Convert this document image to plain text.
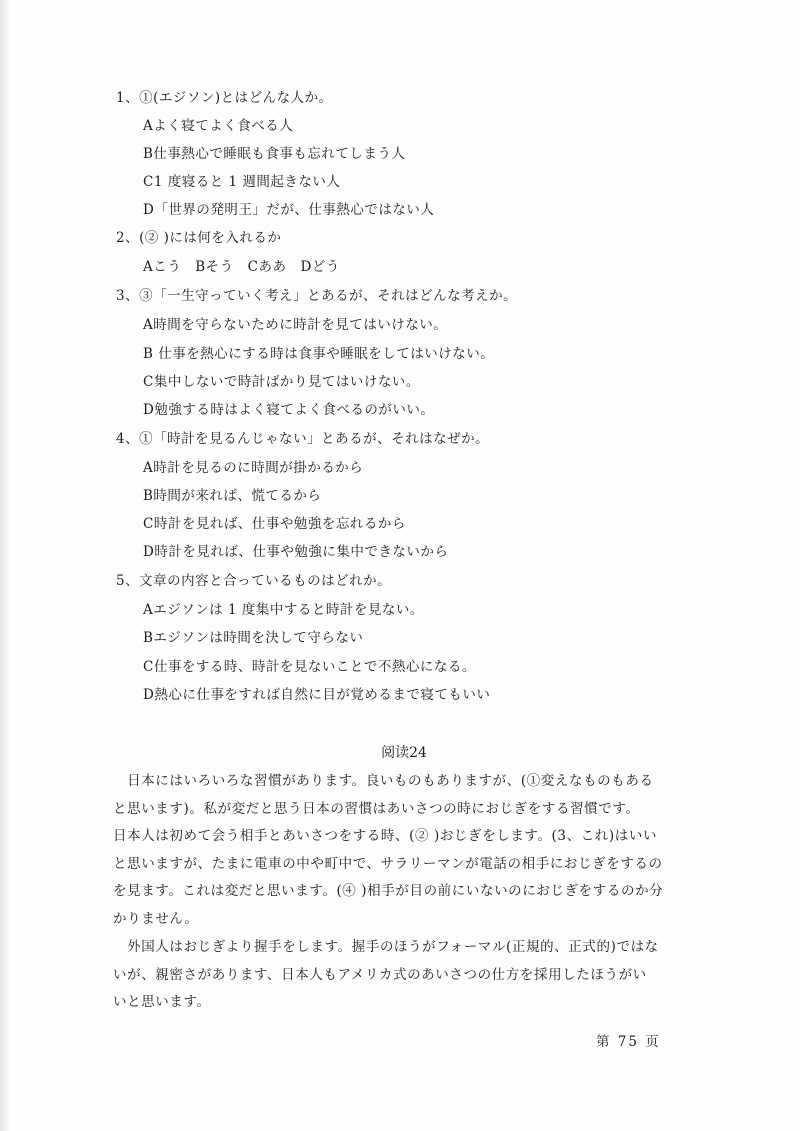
1、①(エジソン)とはどんな人か。
Aよく寝てよく食べる人
B仕事熱心で睡眠も食事も忘れてしまう人
C1 度寝ると 1 週間起きない人
D「世界の発明王」だが、仕事熱心ではない人
2、(② )には何を入れるか
Aこう　Bそう　Cああ　Dどう
3、③「一生守っていく考え」とあるが、それはどんな考えか。
A時間を守らないために時計を見てはいけない。
B 仕事を熱心にする時は食事や睡眠をしてはいけない。
C集中しないで時計ばかり見てはいけない。
D勉強する時はよく寝てよく食べるのがいい。
4、①「時計を見るんじゃない」とあるが、それはなぜか。
A時計を見るのに時間が掛かるから
B時間が来れば、慌てるから
C時計を見れば、仕事や勉強を忘れるから
D時計を見れば、仕事や勉強に集中できないから
5、文章の内容と合っているものはどれか。
Aエジソンは 1 度集中すると時計を見ない。
Bエジソンは時間を決して守らない
C仕事をする時、時計を見ないことで不熱心になる。
D熱心に仕事をすれば自然に目が覚めるまで寝てもいい
阅读24
　日本にはいろいろな習慣があります。良いものもありますが、(①変えなものもある
と思います)。私が変だと思う日本の習慣はあいさつの時におじぎをする習慣です。
日本人は初めて会う相手とあいさつをする時、(② )おじぎをします。(3、これ)はいい
と思いますが、たまに電車の中や町中で、サラリーマンが電話の相手におじぎをするの
を見ます。これは変だと思います。(④ )相手が目の前にいないのにおじぎをするのか分
かりません。
　外国人はおじぎより握手をします。握手のほうがフォーマル(正規的、正式的)ではな
いが、親密さがあります、日本人もアメリカ式のあいさつの仕方を採用したほうがい
いと思います。
第 75 页
